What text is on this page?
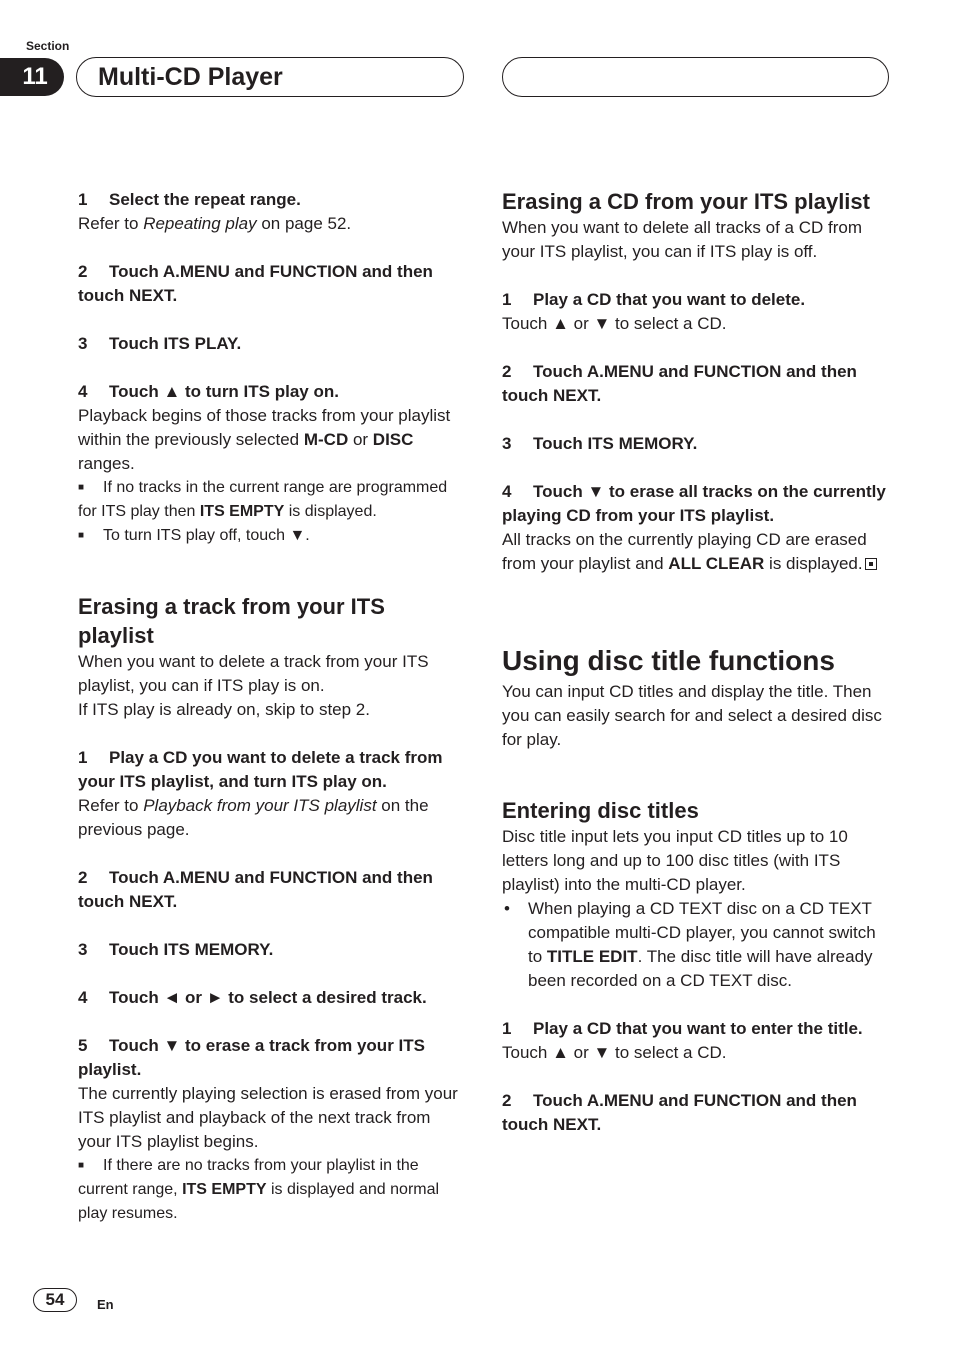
Section
11	Multi-CD Player

1 Select the repeat range.

Refer to Repeating play on page 52.

2 Touch A.MENU and FUNCTION and then touch NEXT.

3 Touch ITS PLAY.

4 Touch ▲ to turn ITS play on.

Playback begins of those tracks from your playlist within the previously selected M-CD or DISC ranges.

■ If no tracks in the current range are programmed for ITS play then ITS EMPTY is displayed.

■ To turn ITS play off, touch ▼.

Erasing a track from your ITS playlist

When you want to delete a track from your ITS playlist, you can if ITS play is on.

If ITS play is already on, skip to step 2.

1 Play a CD you want to delete a track from your ITS playlist, and turn ITS play on.

Refer to Playback from your ITS playlist on the previous page.

2 Touch A.MENU and FUNCTION and then touch NEXT.

3 Touch ITS MEMORY.

4 Touch ◄ or ► to select a desired track.

5 Touch ▼ to erase a track from your ITS playlist.

The currently playing selection is erased from your ITS playlist and playback of the next track from your ITS playlist begins.

■ If there are no tracks from your playlist in the current range, ITS EMPTY is displayed and normal play resumes.

Erasing a CD from your ITS playlist

When you want to delete all tracks of a CD from your ITS playlist, you can if ITS play is off.

1 Play a CD that you want to delete.

Touch ▲ or ▼ to select a CD.

2 Touch A.MENU and FUNCTION and then touch NEXT.

3 Touch ITS MEMORY.

4 Touch ▼ to erase all tracks on the currently playing CD from your ITS playlist.

All tracks on the currently playing CD are erased from your playlist and ALL CLEAR is displayed.

Using disc title functions

You can input CD titles and display the title. Then you can easily search for and select a desired disc for play.

Entering disc titles

Disc title input lets you input CD titles up to 10 letters long and up to 100 disc titles (with ITS playlist) into the multi-CD player.

• When playing a CD TEXT disc on a CD TEXT compatible multi-CD player, you cannot switch to TITLE EDIT. The disc title will have already been recorded on a CD TEXT disc.

1 Play a CD that you want to enter the title.

Touch ▲ or ▼ to select a CD.

2 Touch A.MENU and FUNCTION and then touch NEXT.

54	En
